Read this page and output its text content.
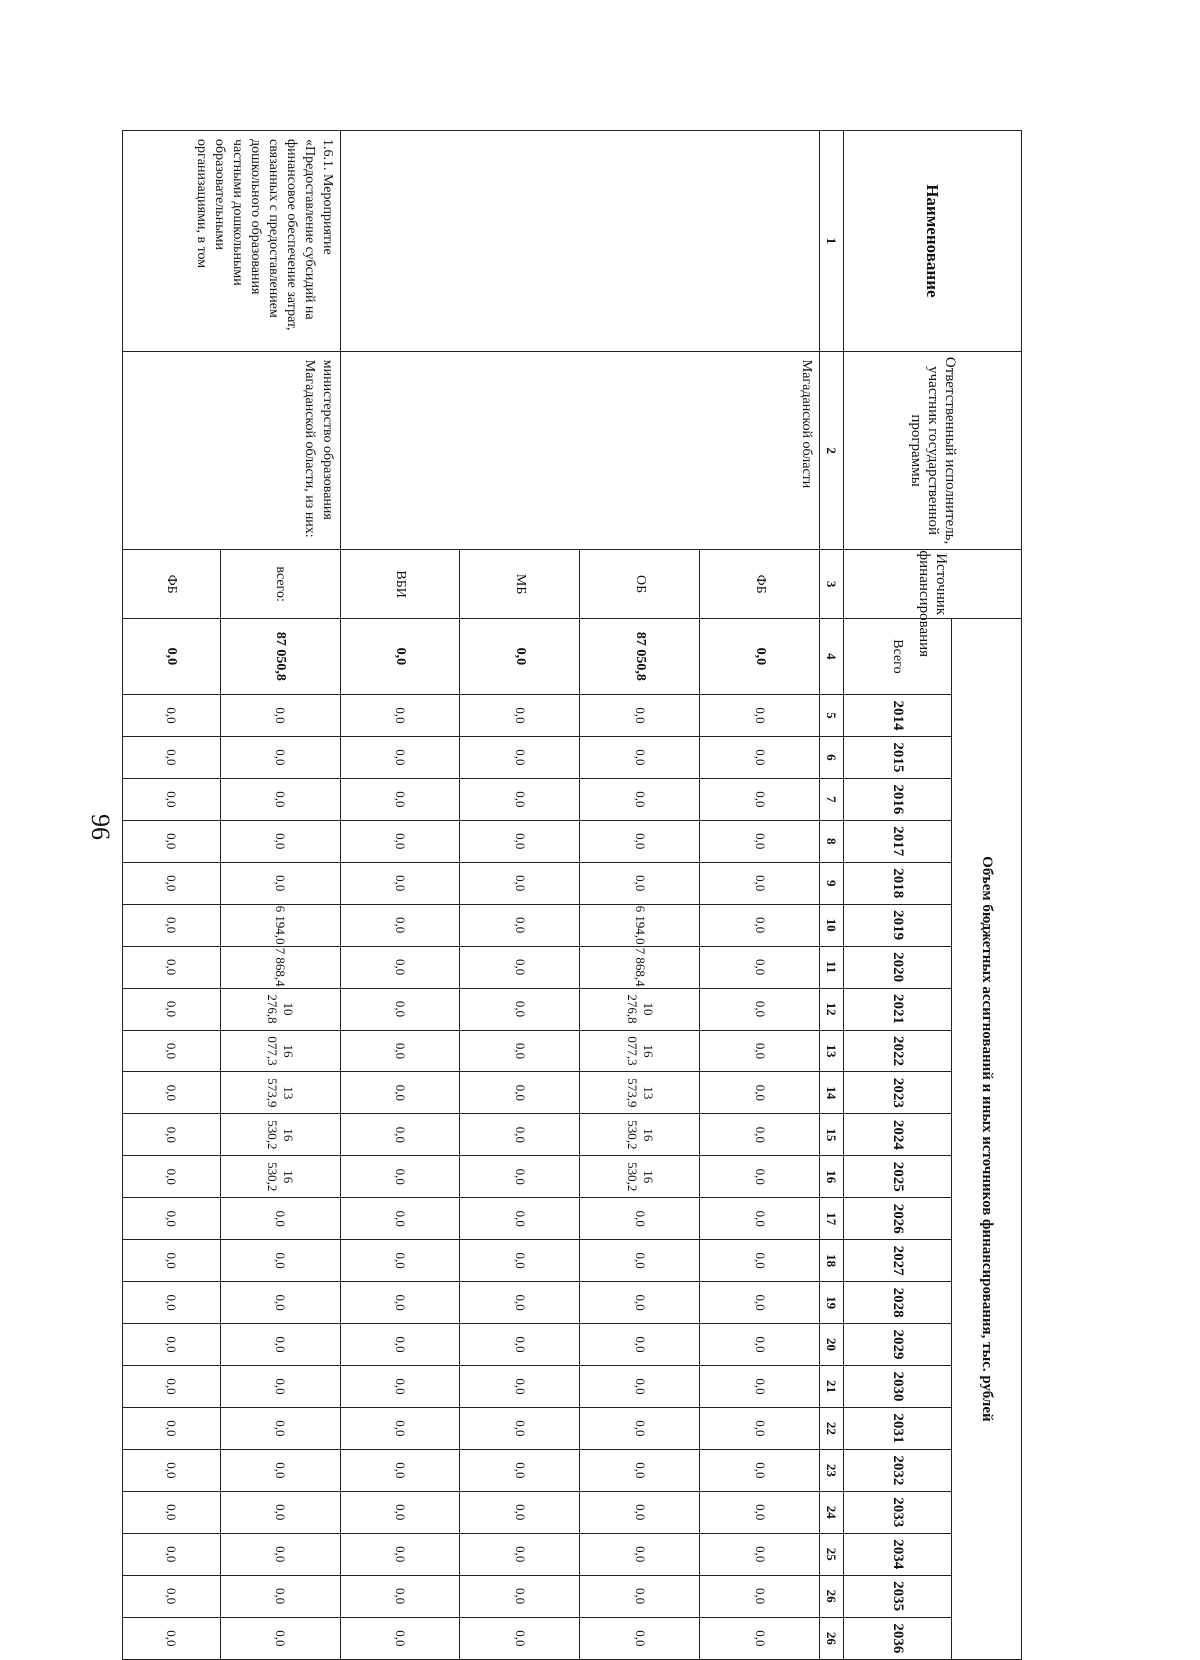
96
Наименование	Ответственный исполнитель, участник государственной программы	Источник финансирования	Объем бюджетных ассигнований и иных источников финансирования, тыс. рублей																							
			Всего	2014	2015	2016	2017	2018	2019	2020	2021	2022	2023	2024	2025	2026	2027	2028	2029	2030	2031	2032	2033	2034	2035	2036
1	2	3	4	5	6	7	8	9	10	11	12	13	14	15	16	17	18	19	20	21	22	23	24	25	26	26
	Магаданской области	ФБ	0,0	0,0	0,0	0,0	0,0	0,0	0,0	0,0	0,0	0,0	0,0	0,0	0,0	0,0	0,0	0,0	0,0	0,0	0,0	0,0	0,0	0,0	0,0	0,0
		ОБ	87 050,8	0,0	0,0	0,0	0,0	0,0	6 194,0	7 868,4	10 276,8	16 077,3	13 573,9	16 530,2	16 530,2	0,0	0,0	0,0	0,0	0,0	0,0	0,0	0,0	0,0	0,0	0,0
		МБ	0,0	0,0	0,0	0,0	0,0	0,0	0,0	0,0	0,0	0,0	0,0	0,0	0,0	0,0	0,0	0,0	0,0	0,0	0,0	0,0	0,0	0,0	0,0	0,0
		ВБИ	0,0	0,0	0,0	0,0	0,0	0,0	0,0	0,0	0,0	0,0	0,0	0,0	0,0	0,0	0,0	0,0	0,0	0,0	0,0	0,0	0,0	0,0	0,0	0,0
1.6.1. Мероприятие «Предоставление субсидий на финансовое обеспечение затрат, связанных с предоставлением дошкольного образования частными дошкольными образовательными организациями, в том	министерство образования Магаданской области, из них:	всего:	87 050,8	0,0	0,0	0,0	0,0	0,0	6 194,0	7 868,4	10 276,8	16 077,3	13 573,9	16 530,2	16 530,2	0,0	0,0	0,0	0,0	0,0	0,0	0,0	0,0	0,0	0,0	0,0
		ФБ	0,0	0,0	0,0	0,0	0,0	0,0	0,0	0,0	0,0	0,0	0,0	0,0	0,0	0,0	0,0	0,0	0,0	0,0	0,0	0,0	0,0	0,0	0,0	0,0
